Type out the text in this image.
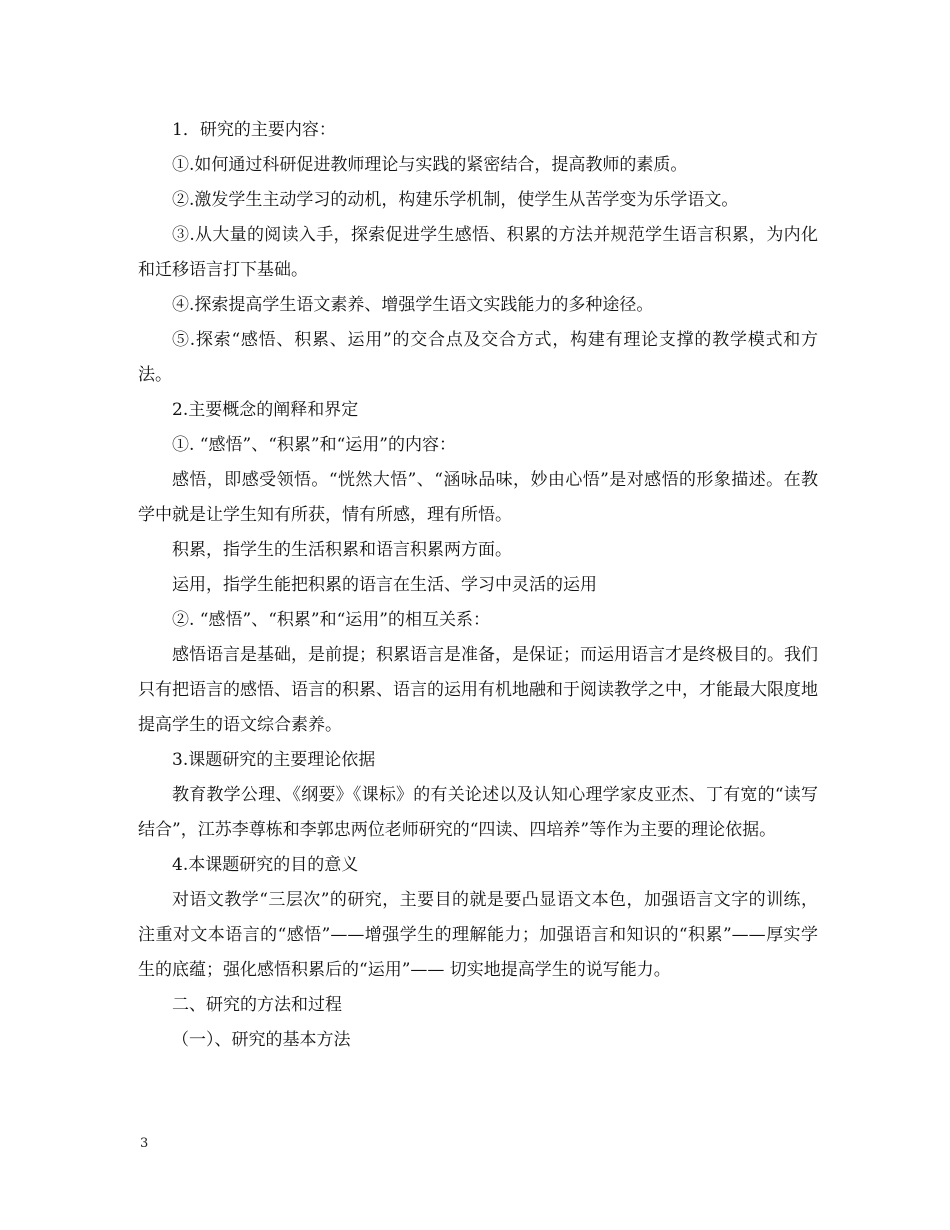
1．研究的主要内容：

①.如何通过科研促进教师理论与实践的紧密结合，提高教师的素质。

②.激发学生主动学习的动机，构建乐学机制，使学生从苦学变为乐学语文。

③.从大量的阅读入手，探索促进学生感悟、积累的方法并规范学生语言积累，为内化和迁移语言打下基础。

④.探索提高学生语文素养、增强学生语文实践能力的多种途径。

⑤.探索“感悟、积累、运用”的交合点及交合方式，构建有理论支撑的教学模式和方法。

2.主要概念的阐释和界定

①. “感悟”、“积累”和“运用”的内容：

感悟，即感受领悟。“恍然大悟”、“涵咏品味，妙由心悟”是对感悟的形象描述。在教学中就是让学生知有所获，情有所感，理有所悟。

积累，指学生的生活积累和语言积累两方面。

运用，指学生能把积累的语言在生活、学习中灵活的运用

②. “感悟”、“积累”和“运用”的相互关系：

感悟语言是基础，是前提；积累语言是准备，是保证；而运用语言才是终极目的。我们只有把语言的感悟、语言的积累、语言的运用有机地融和于阅读教学之中，才能最大限度地提高学生的语文综合素养。

3.课题研究的主要理论依据

教育教学公理、《纲要》《课标》的有关论述以及认知心理学家皮亚杰、丁有宽的“读写结合”，江苏李尊栋和李郭忠两位老师研究的“四读、四培养”等作为主要的理论依据。

4.本课题研究的目的意义

对语文教学“三层次”的研究，主要目的就是要凸显语文本色，加强语言文字的训练，注重对文本语言的“感悟”——增强学生的理解能力；加强语言和知识的“积累”——厚实学生的底蕴；强化感悟积累后的“运用”—— 切实地提高学生的说写能力。

二、研究的方法和过程

（一）、研究的基本方法

3
